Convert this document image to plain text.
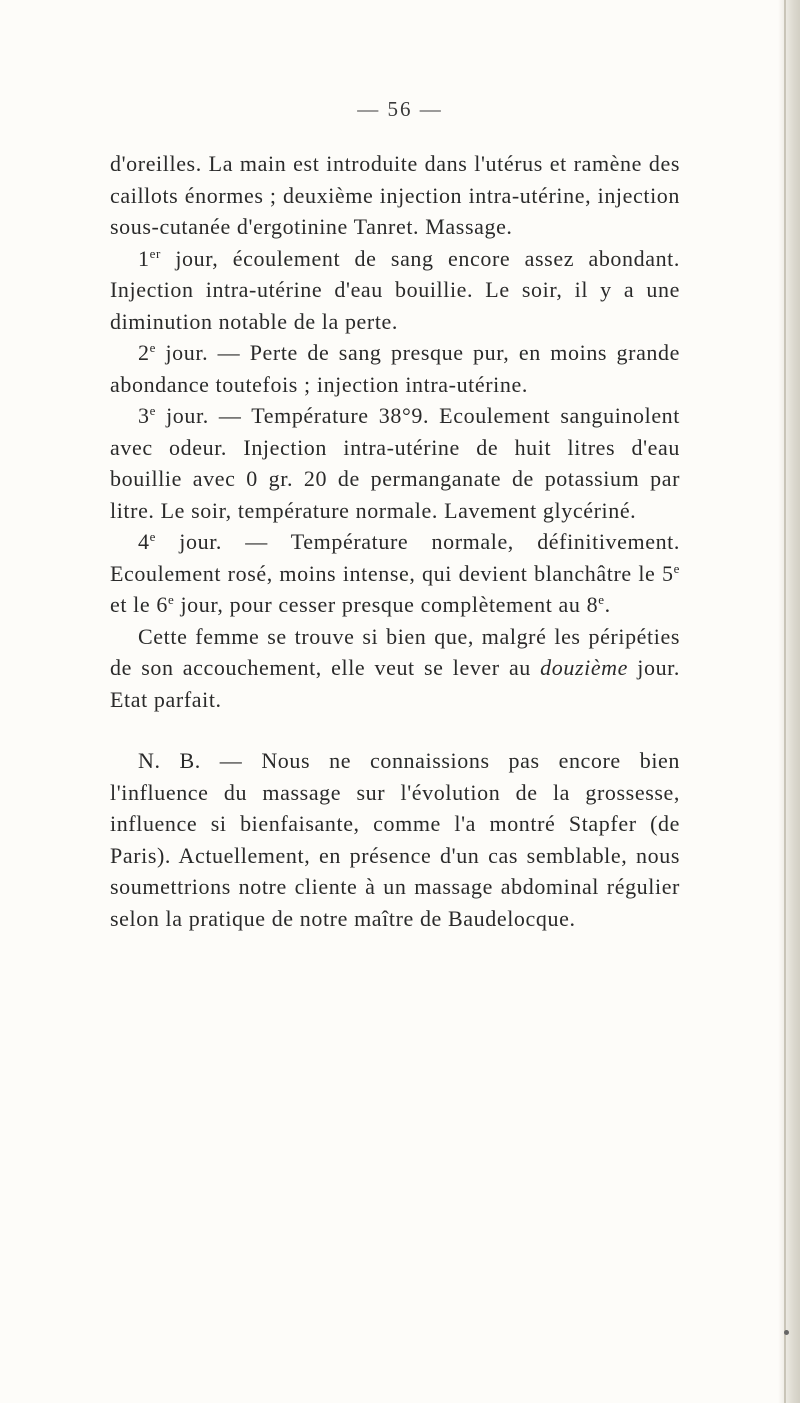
— 56 —

d'oreilles. La main est introduite dans l'utérus et ramène des caillots énormes ; deuxième injection intra-utérine, injection sous-cutanée d'ergotinine Tanret. Massage.

1er jour, écoulement de sang encore assez abondant. Injection intra-utérine d'eau bouillie. Le soir, il y a une diminution notable de la perte.

2e jour. — Perte de sang presque pur, en moins grande abondance toutefois ; injection intra-utérine.

3e jour. — Température 38°9. Ecoulement sanguinolent avec odeur. Injection intra-utérine de huit litres d'eau bouillie avec 0 gr. 20 de permanganate de potassium par litre. Le soir, température normale. Lavement glycériné.

4e jour. — Température normale, définitivement. Ecoulement rosé, moins intense, qui devient blanchâtre le 5e et le 6e jour, pour cesser presque complètement au 8e.

Cette femme se trouve si bien que, malgré les péripéties de son accouchement, elle veut se lever au douzième jour. Etat parfait.

N. B. — Nous ne connaissions pas encore bien l'influence du massage sur l'évolution de la grossesse, influence si bienfaisante, comme l'a montré Stapfer (de Paris). Actuellement, en présence d'un cas semblable, nous soumettrions notre cliente à un massage abdominal régulier selon la pratique de notre maître de Baudelocque.
